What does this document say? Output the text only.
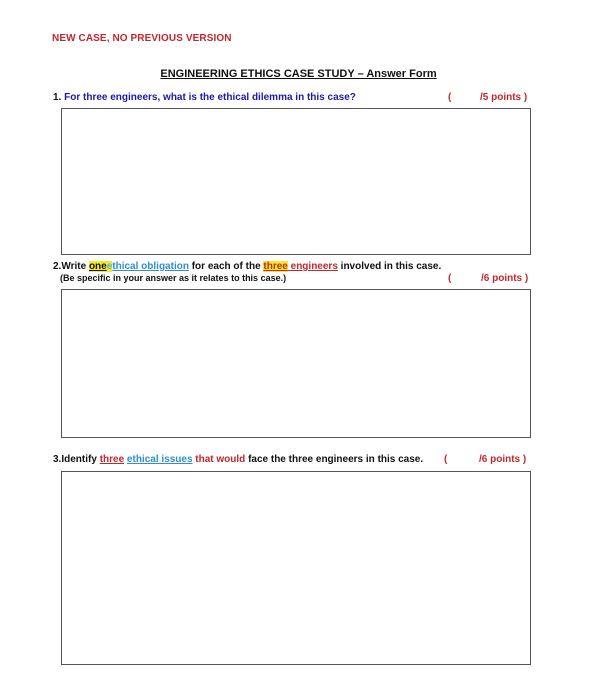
NEW CASE, NO PREVIOUS VERSION
ENGINEERING ETHICS CASE STUDY – Answer Form
1. For three engineers, what is the ethical dilemma in this case?	(	/5 points )
2.Write oneethical obligation for each of the three engineers involved in this case.
(Be specific in your answer as it relates to this case.)	(	/6 points )
3.Identify three ethical issues that would face the three engineers in this case. (	/6 points )
